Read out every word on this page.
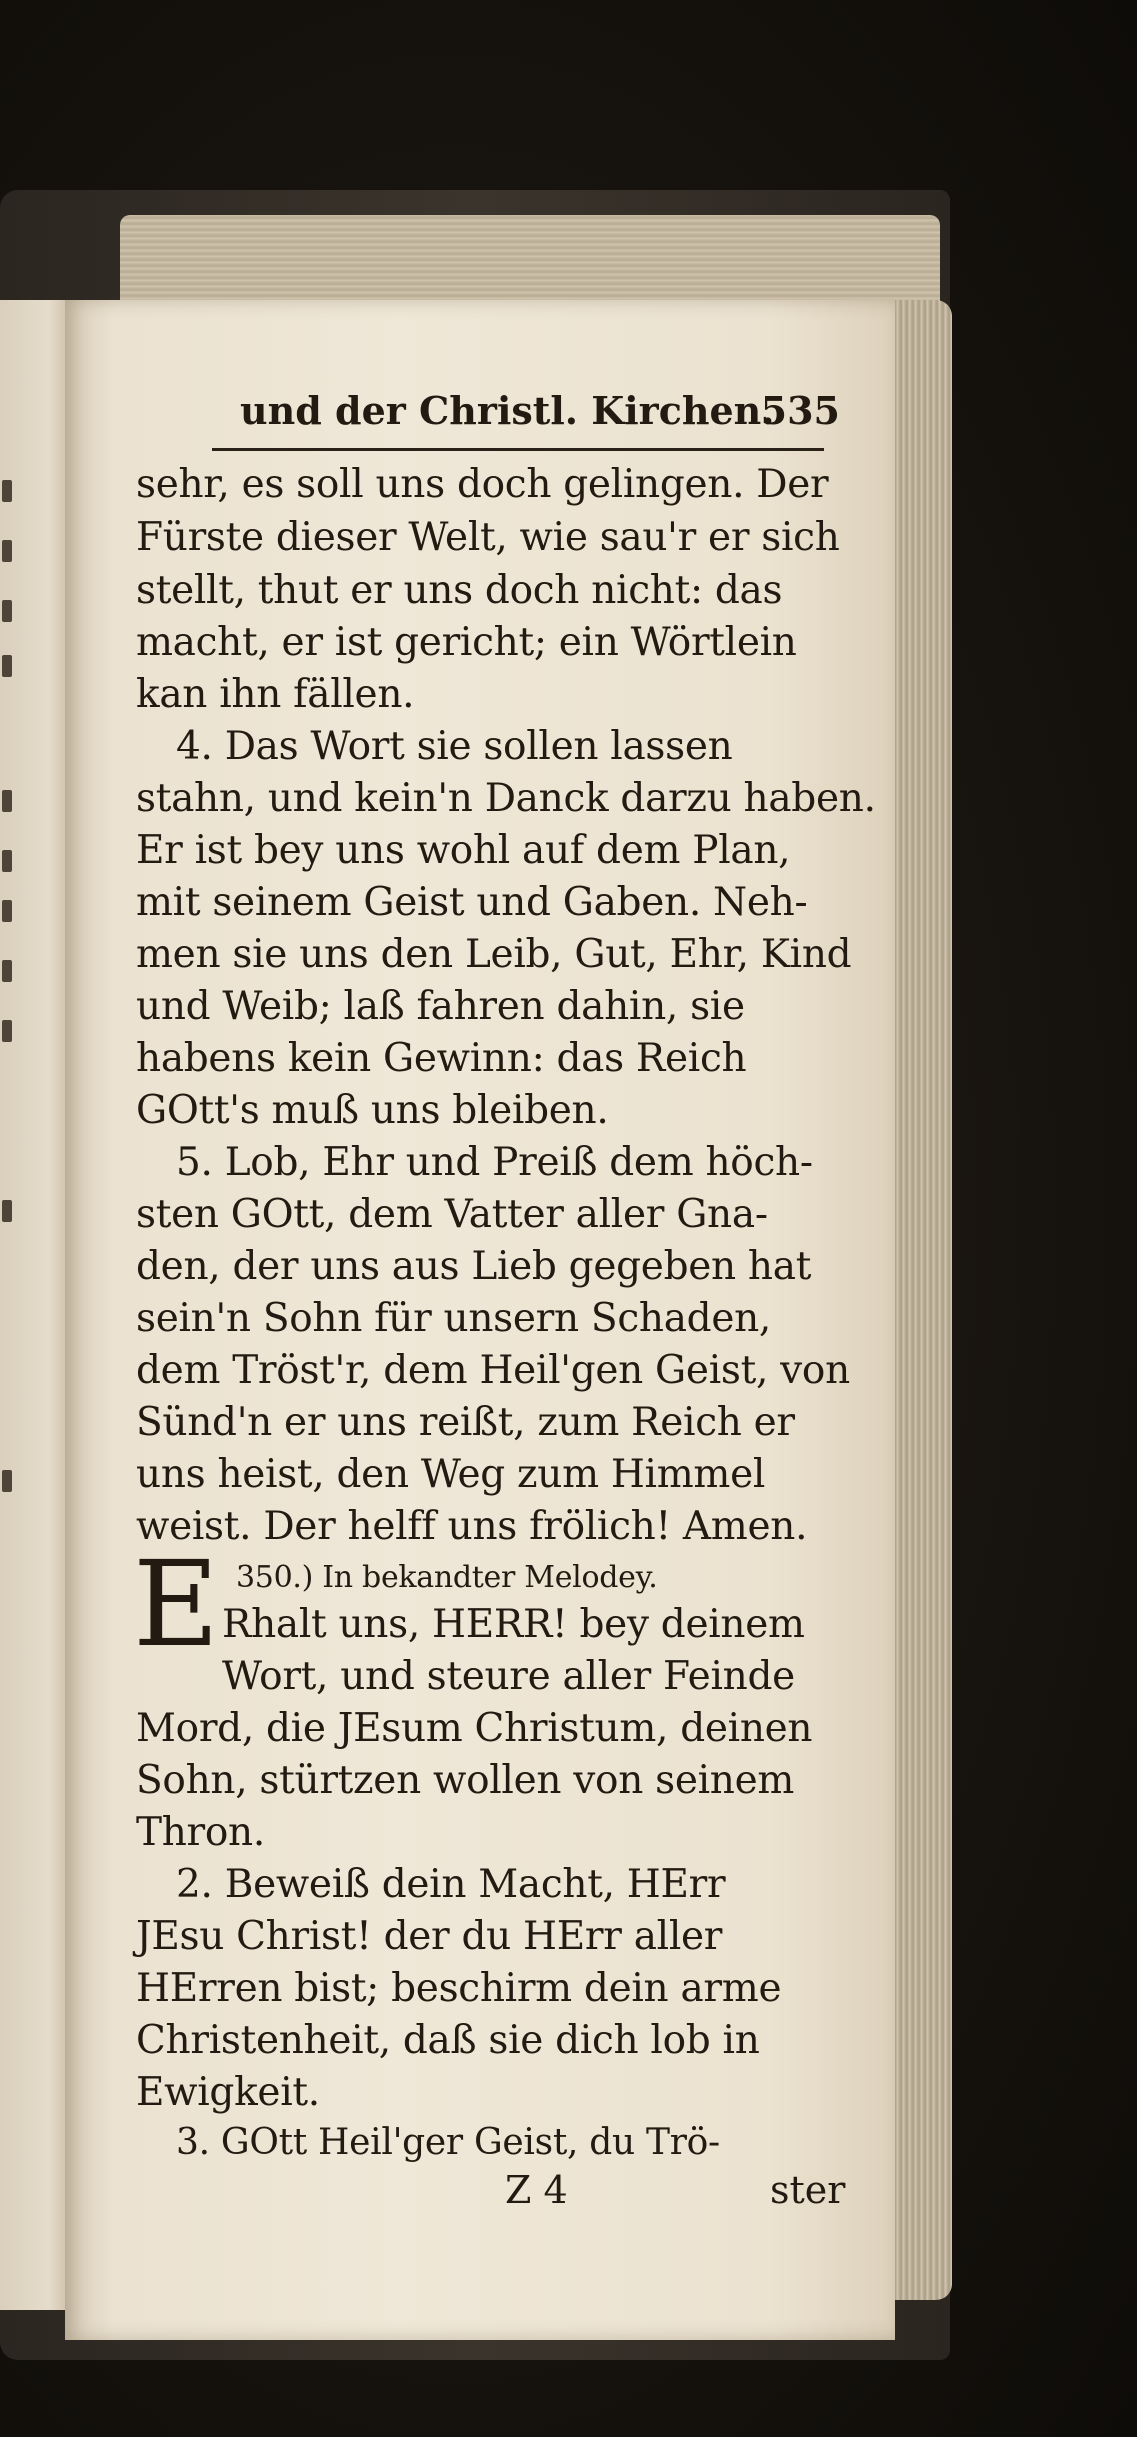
und der Christl. Kirchen.
535
sehr, es soll uns doch gelingen. Der
Fürste dieser Welt, wie sau'r er sich
stellt, thut er uns doch nicht: das
macht, er ist gericht; ein Wörtlein
kan ihn fällen.
4. Das Wort sie sollen lassen
stahn, und kein'n Danck darzu haben.
Er ist bey uns wohl auf dem Plan,
mit seinem Geist und Gaben. Neh-
men sie uns den Leib, Gut, Ehr, Kind
und Weib; laß fahren dahin, sie
habens kein Gewinn: das Reich
GOtt's muß uns bleiben.
5. Lob, Ehr und Preiß dem höch-
sten GOtt, dem Vatter aller Gna-
den, der uns aus Lieb gegeben hat
sein'n Sohn für unsern Schaden,
dem Tröst'r, dem Heil'gen Geist, von
Sünd'n er uns reißt, zum Reich er
uns heist, den Weg zum Himmel
weist. Der helff uns frölich! Amen.
350.) In bekandter Melodey.
E Rhalt uns, HERR! bey deinem
Wort, und steure aller Feinde
Mord, die JEsum Christum, deinen
Sohn, stürtzen wollen von seinem
Thron.
2. Beweiß dein Macht, HErr
JEsu Christ! der du HErr aller
HErren bist; beschirm dein arme
Christenheit, daß sie dich lob in
Ewigkeit.
3. GOtt Heil'ger Geist, du Trö-
Z 4	ster
